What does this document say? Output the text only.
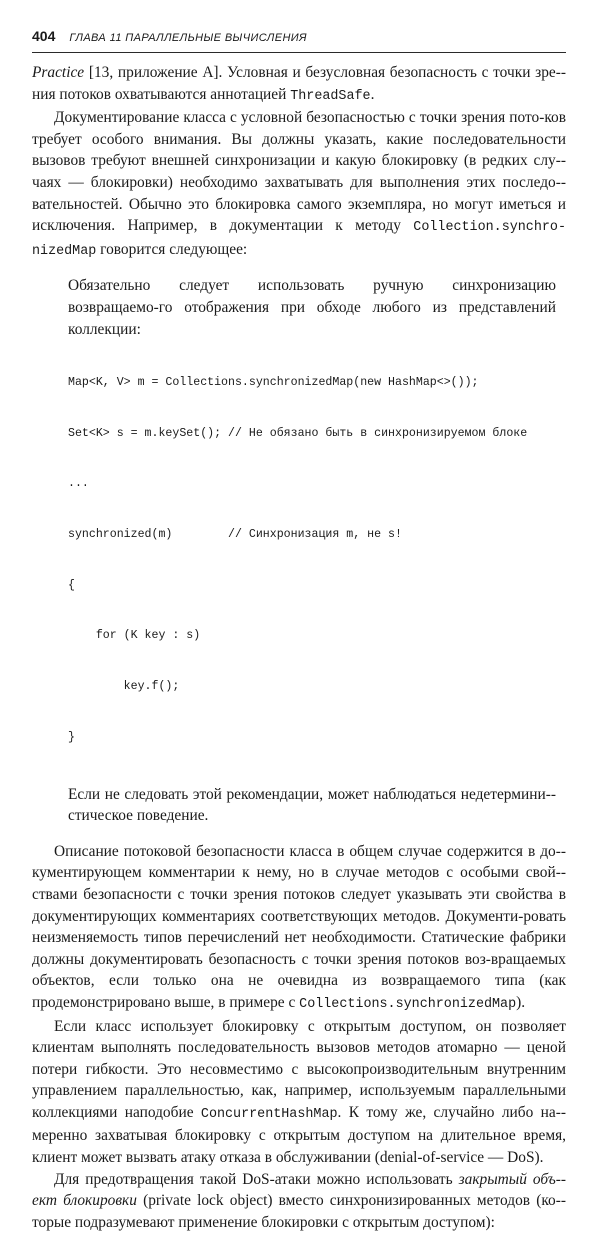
404 ГЛАВА 11 ПАРАЛЛЕЛЬНЫЕ ВЫЧИСЛЕНИЯ

Practice [13, приложение A]. Условная и безусловная безопасность с точки зре-ния потоков охватываются аннотацией ThreadSafe.

Документирование класса с условной безопасностью с точки зрения пото-ков требует особого внимания. Вы должны указать, какие последовательности вызовов требуют внешней синхронизации и какую блокировку (в редких слу-чаях — блокировки) необходимо захватывать для выполнения этих последо-вательностей. Обычно это блокировка самого экземпляра, но могут иметься и исключения. Например, в документации к методу Collection.synchronizedMap говорится следующее:

Обязательно следует использовать ручную синхронизацию возвращаемо-го отображения при обходе любого из представлений коллекции:

Map<K, V> m = Collections.synchronizedMap(new HashMap<>());

Set<K> s = m.keySet(); // Не обязано быть в синхронизируемом блоке

...

synchronized(m)        // Синхронизация m, не s!

{

for (K key : s)

key.f();

}

Если не следовать этой рекомендации, может наблюдаться недетермини-стическое поведение.

Описание потоковой безопасности класса в общем случае содержится в до-кументирующем комментарии к нему, но в случае методов с особыми свой-ствами безопасности с точки зрения потоков следует указывать эти свойства в документирующих комментариях соответствующих методов. Документи-ровать неизменяемость типов перечислений нет необходимости. Статические фабрики должны документировать безопасность с точки зрения потоков воз-вращаемых объектов, если только она не очевидна из возвращаемого типа (как продемонстрировано выше, в примере с Collections.synchronizedMap).

Если класс использует блокировку с открытым доступом, он позволяет клиентам выполнять последовательность вызовов методов атомарно — ценой потери гибкости. Это несовместимо с высокопроизводительным внутренним управлением параллельностью, как, например, используемым параллельными коллекциями наподобие ConcurrentHashMap. К тому же, случайно либо на-меренно захватывая блокировку с открытым доступом на длительное время, клиент может вызвать атаку отказа в обслуживании (denial-of-service — DoS).

Для предотвращения такой DoS-атаки можно использовать закрытый объ-ект блокировки (private lock object) вместо синхронизированных методов (ко-торые подразумевают применение блокировки с открытым доступом):
